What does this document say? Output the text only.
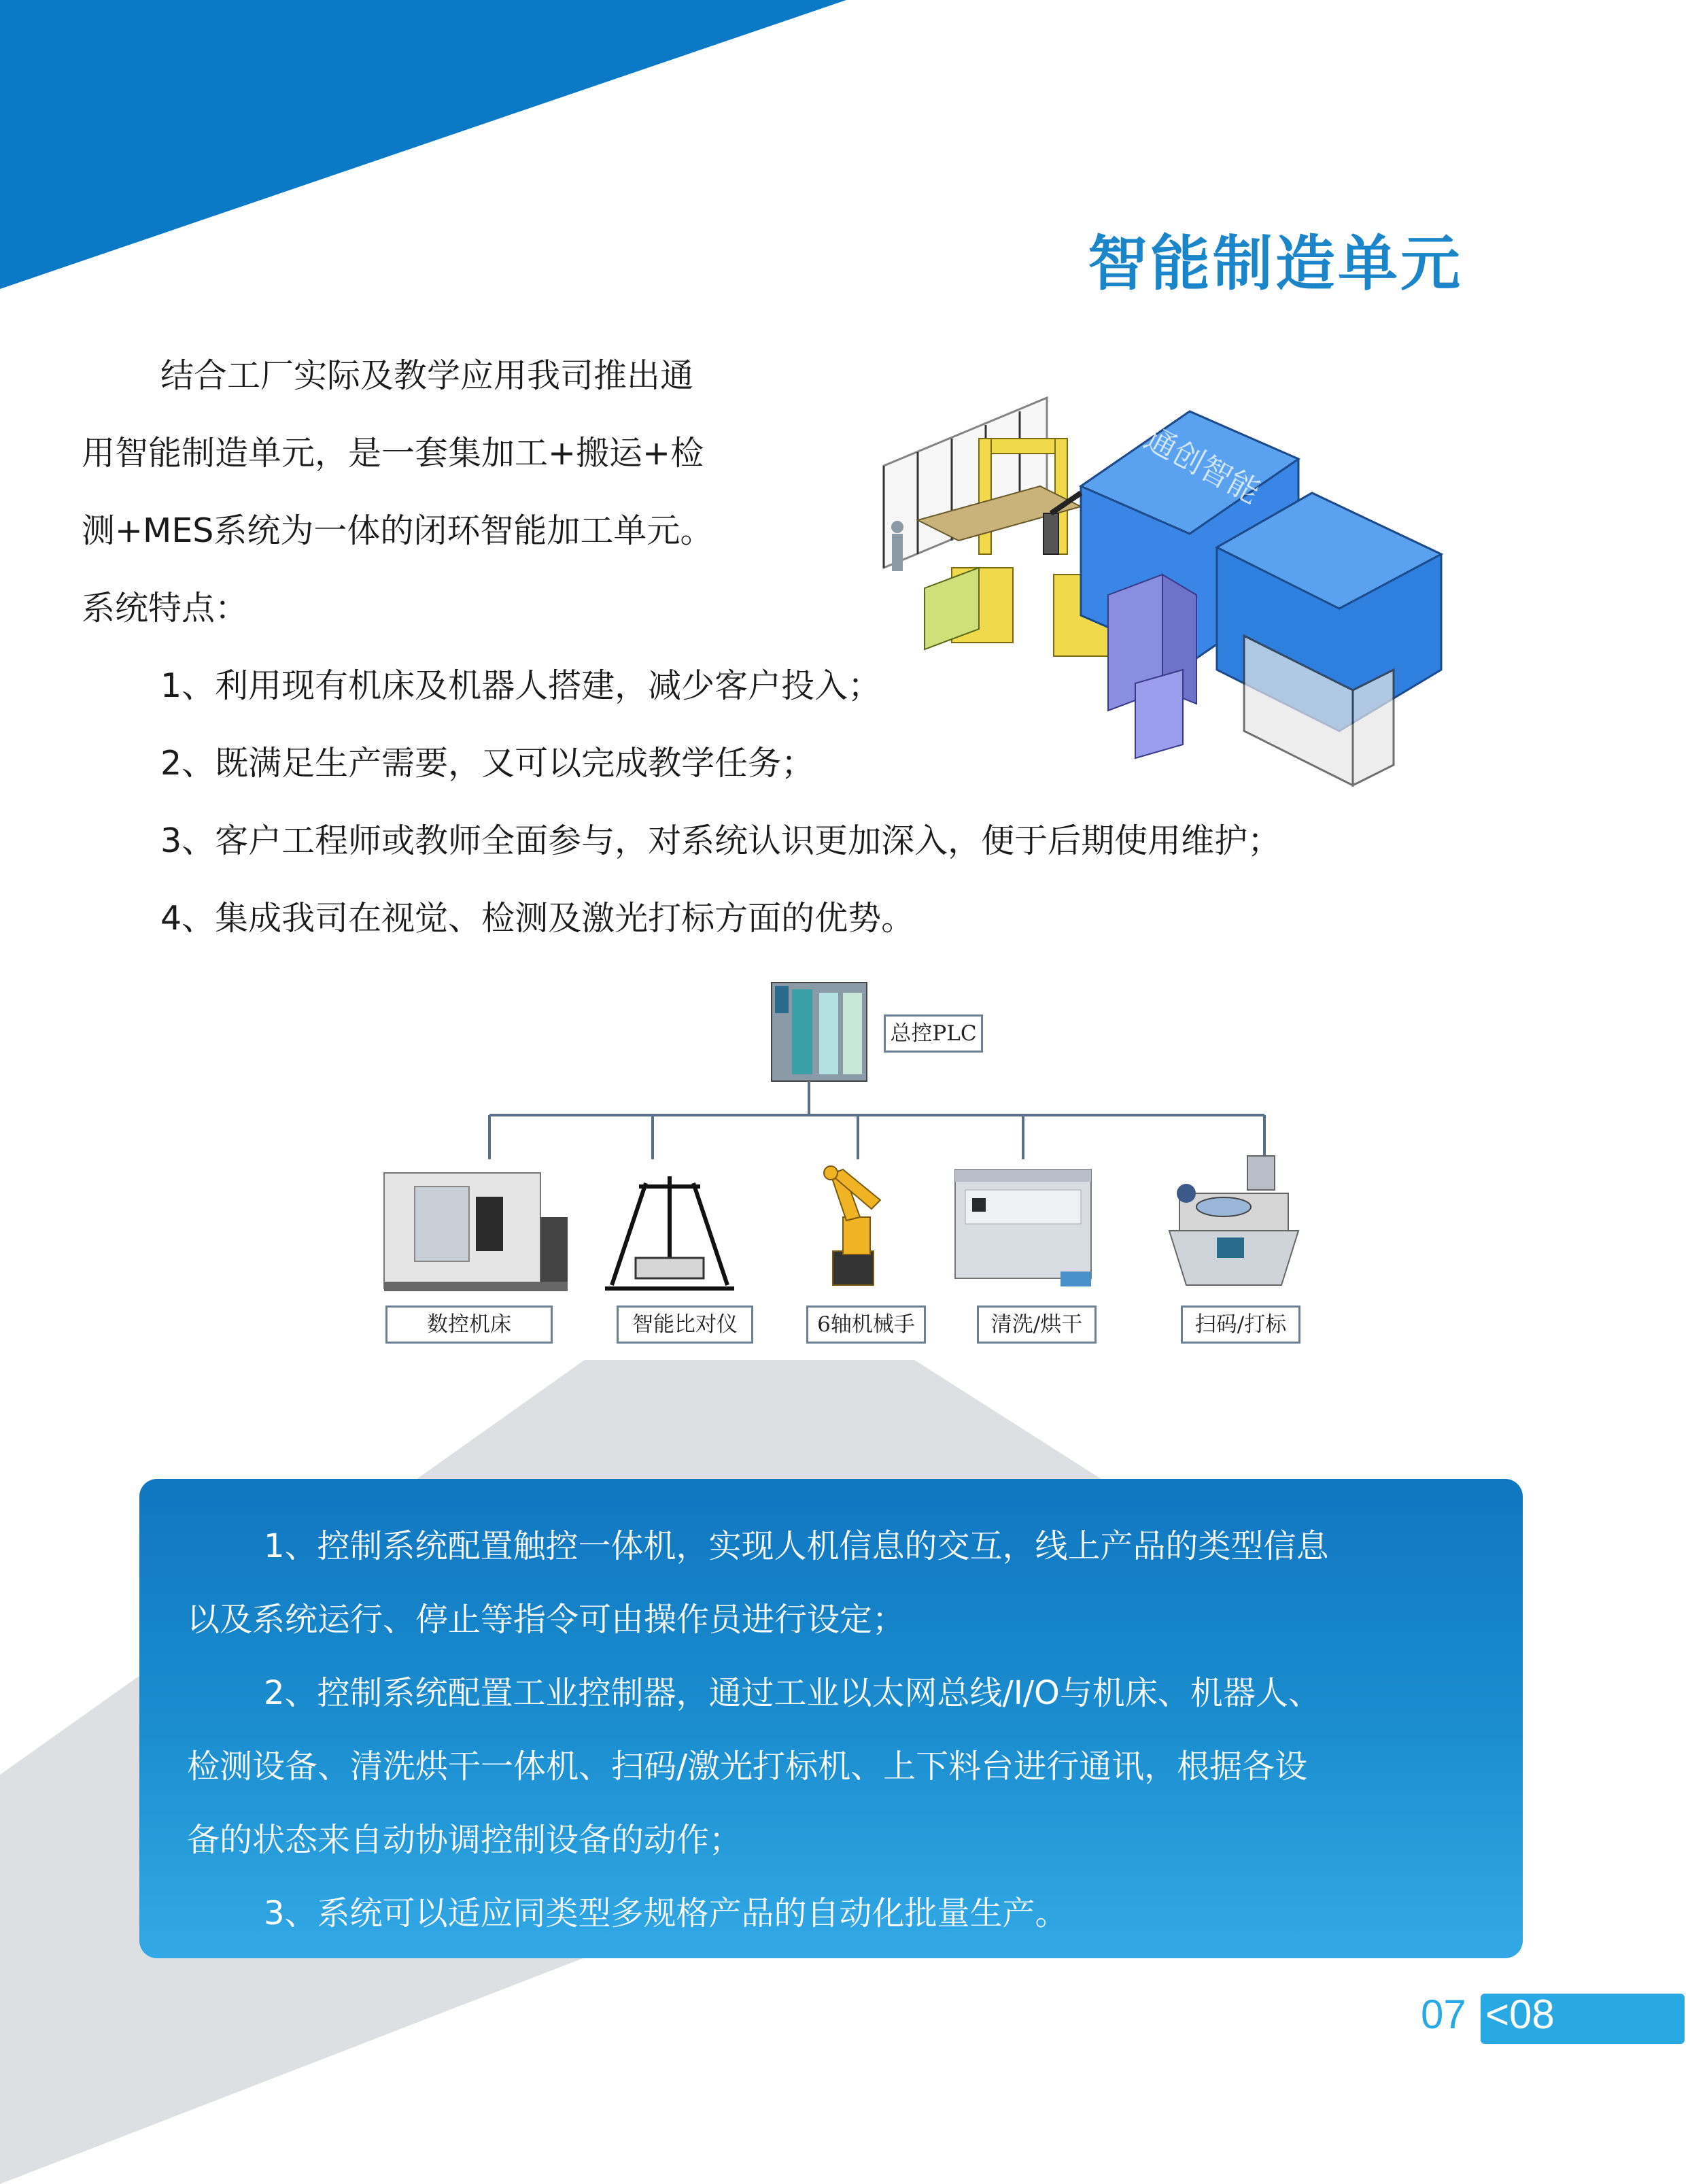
智能制造单元

结合工厂实际及教学应用我司推出通

用智能制造单元，是一套集加工+搬运+检

测+MES系统为一体的闭环智能加工单元。

系统特点：

1、利用现有机床及机器人搭建，减少客户投入；

2、既满足生产需要，又可以完成教学任务；

3、客户工程师或教师全面参与，对系统认识更加深入，便于后期使用维护；

4、集成我司在视觉、检测及激光打标方面的优势。

通创智能
总控PLC
数控机床	智能比对仪	6轴机械手	清洗/烘干	扫码/打标

1、控制系统配置触控一体机，实现人机信息的交互，线上产品的类型信息

以及系统运行、停止等指令可由操作员进行设定；

2、控制系统配置工业控制器，通过工业以太网总线/I/O与机床、机器人、

检测设备、清洗烘干一体机、扫码/激光打标机、上下料台进行通讯，根据各设

备的状态来自动协调控制设备的动作；

3、系统可以适应同类型多规格产品的自动化批量生产。

07 <08
